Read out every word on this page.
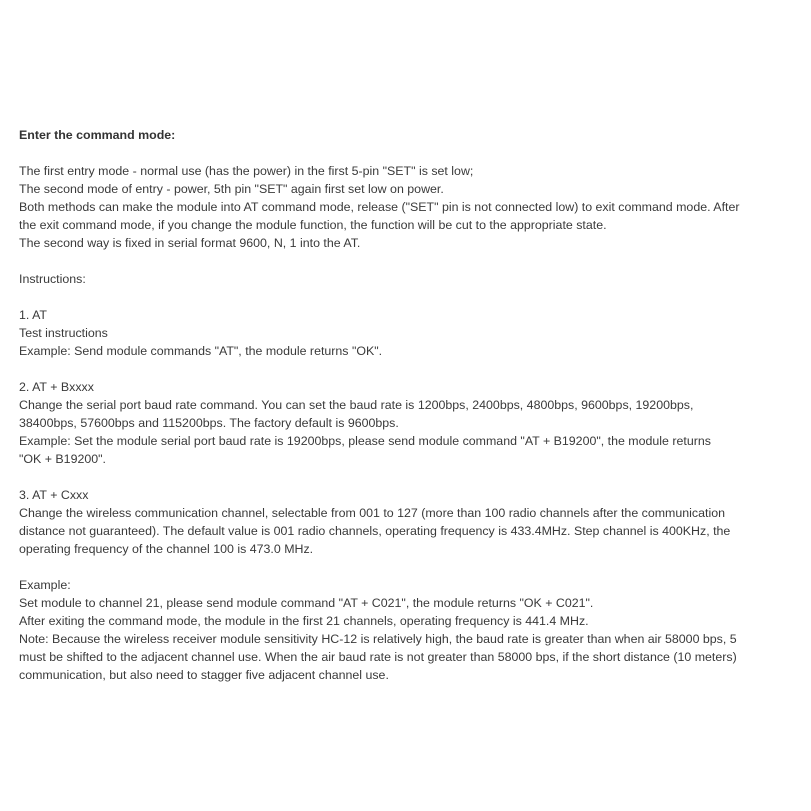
Enter the command mode:
The first entry mode - normal use (has the power) in the first 5-pin "SET" is set low;
The second mode of entry - power, 5th pin "SET" again first set low on power.
Both methods can make the module into AT command mode, release ("SET" pin is not connected low) to exit command mode. After
the exit command mode, if you change the module function, the function will be cut to the appropriate state.
The second way is fixed in serial format 9600, N, 1 into the AT.
Instructions:
1. AT
Test instructions
Example: Send module commands "AT", the module returns "OK".
2. AT + Bxxxx
Change the serial port baud rate command. You can set the baud rate is 1200bps, 2400bps, 4800bps, 9600bps, 19200bps,
38400bps, 57600bps and 115200bps. The factory default is 9600bps.
Example: Set the module serial port baud rate is 19200bps, please send module command "AT + B19200", the module returns
"OK + B19200".
3. AT + Cxxx
Change the wireless communication channel, selectable from 001 to 127 (more than 100 radio channels after the communication
distance not guaranteed). The default value is 001 radio channels, operating frequency is 433.4MHz. Step channel is 400KHz, the
operating frequency of the channel 100 is 473.0 MHz.
Example:
Set module to channel 21, please send module command "AT + C021", the module returns "OK + C021".
After exiting the command mode, the module in the first 21 channels, operating frequency is 441.4 MHz.
Note: Because the wireless receiver module sensitivity HC-12 is relatively high, the baud rate is greater than when air 58000 bps, 5
must be shifted to the adjacent channel use. When the air baud rate is not greater than 58000 bps, if the short distance (10 meters)
communication, but also need to stagger five adjacent channel use.
